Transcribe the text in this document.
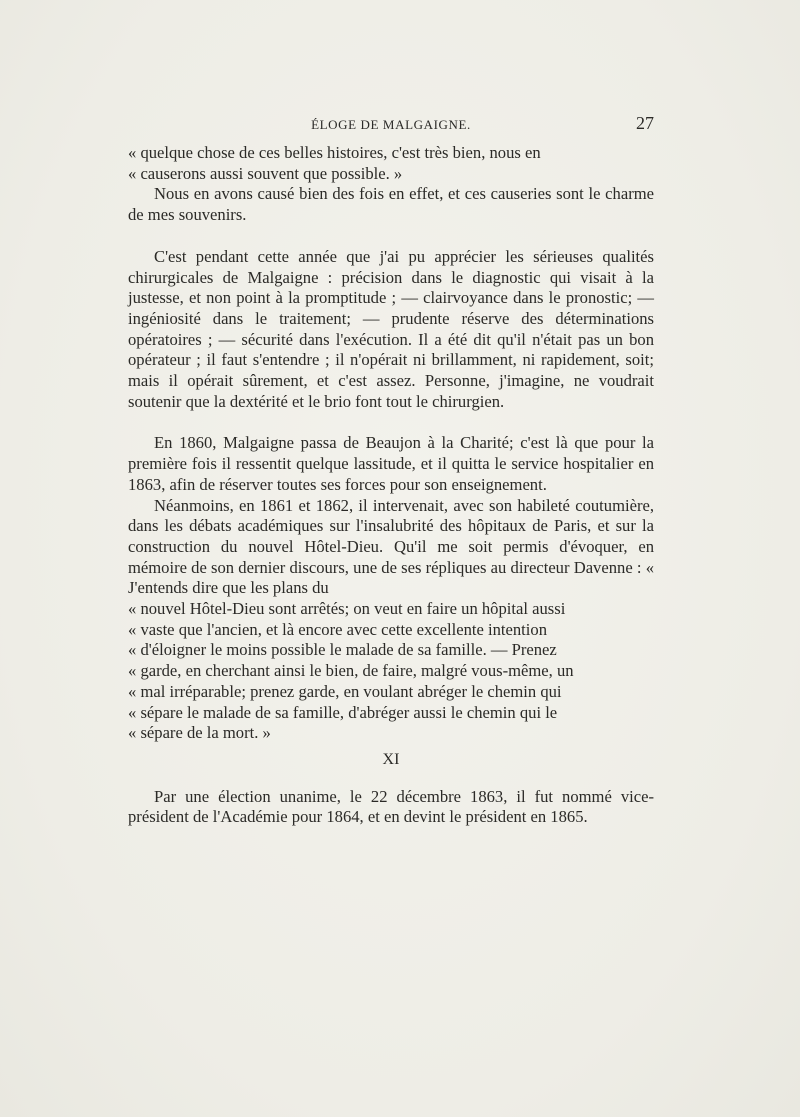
ÉLOGE DE MALGAIGNE.	27

« quelque chose de ces belles histoires, c'est très bien, nous en
« causerons aussi souvent que possible. »

Nous en avons causé bien des fois en effet, et ces causeries sont le charme de mes souvenirs.

C'est pendant cette année que j'ai pu apprécier les sérieuses qualités chirurgicales de Malgaigne : précision dans le diagnostic qui visait à la justesse, et non point à la promptitude ; — clairvoyance dans le pronostic; — ingéniosité dans le traitement; — prudente réserve des déterminations opératoires ; — sécurité dans l'exécution. Il a été dit qu'il n'était pas un bon opérateur ; il faut s'entendre ; il n'opérait ni brillamment, ni rapidement, soit; mais il opérait sûrement, et c'est assez. Personne, j'imagine, ne voudrait soutenir que la dextérité et le brio font tout le chirurgien.

En 1860, Malgaigne passa de Beaujon à la Charité; c'est là que pour la première fois il ressentit quelque lassitude, et il quitta le service hospitalier en 1863, afin de réserver toutes ses forces pour son enseignement.

Néanmoins, en 1861 et 1862, il intervenait, avec son habileté coutumière, dans les débats académiques sur l'insalubrité des hôpitaux de Paris, et sur la construction du nouvel Hôtel-Dieu. Qu'il me soit permis d'évoquer, en mémoire de son dernier discours, une de ses répliques au directeur Davenne : « J'entends dire que les plans du

« nouvel Hôtel-Dieu sont arrêtés; on veut en faire un hôpital aussi
« vaste que l'ancien, et là encore avec cette excellente intention
« d'éloigner le moins possible le malade de sa famille. — Prenez
« garde, en cherchant ainsi le bien, de faire, malgré vous-même, un
« mal irréparable; prenez garde, en voulant abréger le chemin qui
« sépare le malade de sa famille, d'abréger aussi le chemin qui le
« sépare de la mort. »

XI

Par une élection unanime, le 22 décembre 1863, il fut nommé vice-président de l'Académie pour 1864, et en devint le président en 1865.
